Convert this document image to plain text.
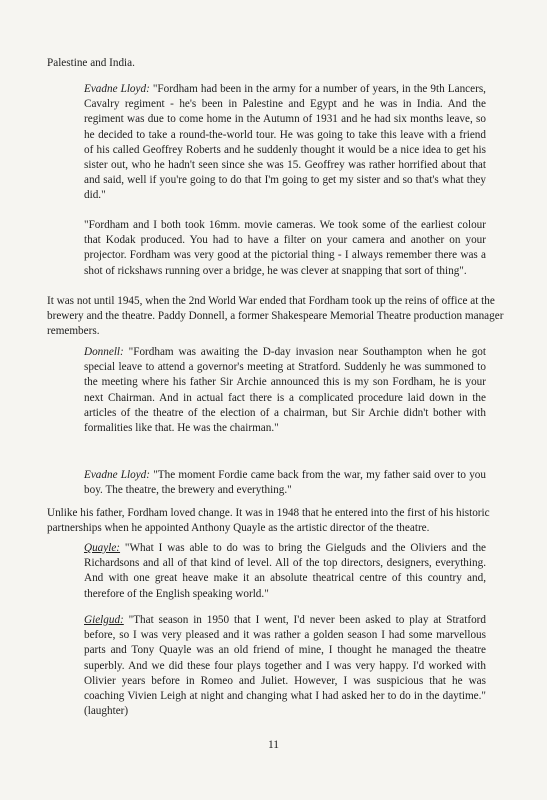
Palestine and India.

Evadne Lloyd: "Fordham had been in the army for a number of years, in the 9th Lancers, Cavalry regiment - he's been in Palestine and Egypt and he was in India. And the regiment was due to come home in the Autumn of 1931 and he had six months leave, so he decided to take a round-the-world tour. He was going to take this leave with a friend of his called Geoffrey Roberts and he suddenly thought it would be a nice idea to get his sister out, who he hadn't seen since she was 15. Geoffrey was rather horrified about that and said, well if you're going to do that I'm going to get my sister and so that's what they did."

"Fordham and I both took 16mm. movie cameras. We took some of the earliest colour that Kodak produced. You had to have a filter on your camera and another on your projector. Fordham was very good at the pictorial thing - I always remember there was a shot of rickshaws running over a bridge, he was clever at snapping that sort of thing".

It was not until 1945, when the 2nd World War ended that Fordham took up the reins of office at the brewery and the theatre. Paddy Donnell, a former Shakespeare Memorial Theatre production manager remembers.

Donnell: "Fordham was awaiting the D-day invasion near Southampton when he got special leave to attend a governor's meeting at Stratford. Suddenly he was summoned to the meeting where his father Sir Archie announced this is my son Fordham, he is your next Chairman. And in actual fact there is a complicated procedure laid down in the articles of the theatre of the election of a chairman, but Sir Archie didn't bother with formalities like that. He was the chairman."

Evadne Lloyd: "The moment Fordie came back from the war, my father said over to you boy. The theatre, the brewery and everything."

Unlike his father, Fordham loved change. It was in 1948 that he entered into the first of his historic partnerships when he appointed Anthony Quayle as the artistic director of the theatre.

Quayle: "What I was able to do was to bring the Gielguds and the Oliviers and the Richardsons and all of that kind of level. All of the top directors, designers, everything. And with one great heave make it an absolute theatrical centre of this country and, therefore of the English speaking world."

Gielgud: "That season in 1950 that I went, I'd never been asked to play at Stratford before, so I was very pleased and it was rather a golden season I had some marvellous parts and Tony Quayle was an old friend of mine, I thought he managed the theatre superbly. And we did these four plays together and I was very happy. I'd worked with Olivier years before in Romeo and Juliet. However, I was suspicious that he was coaching Vivien Leigh at night and changing what I had asked her to do in the daytime." (laughter)

11
